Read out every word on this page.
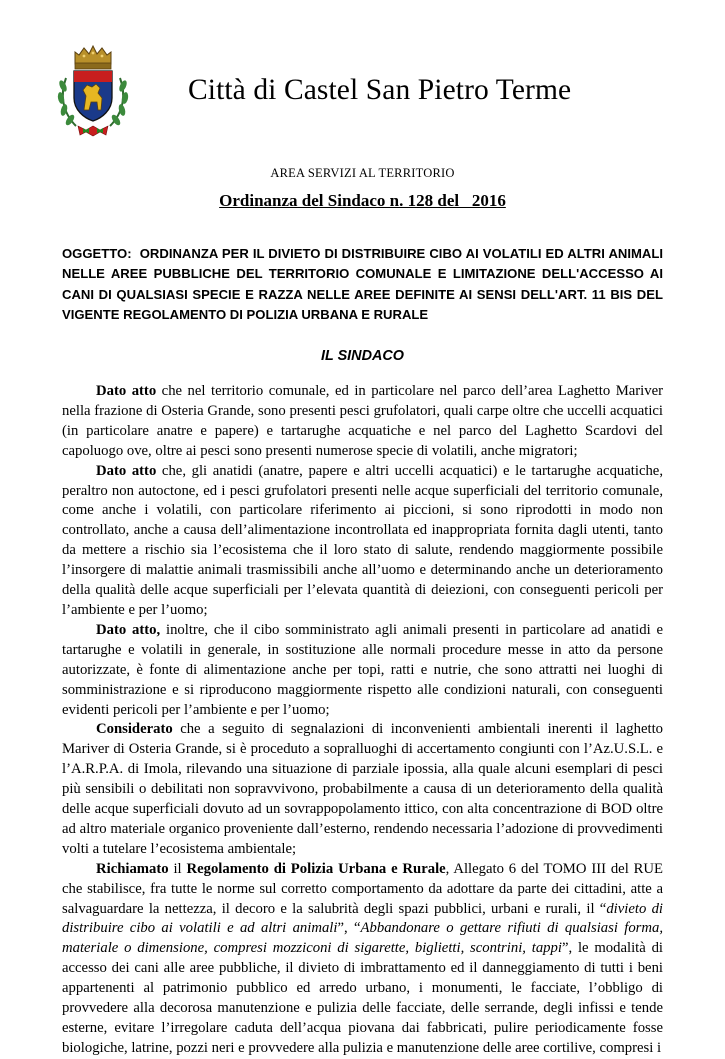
Città di Castel San Pietro Terme
AREA SERVIZI AL TERRITORIO
Ordinanza del Sindaco n. 128 del   2016
OGGETTO: ORDINANZA PER IL DIVIETO DI DISTRIBUIRE CIBO AI VOLATILI ED ALTRI ANIMALI NELLE AREE PUBBLICHE DEL TERRITORIO COMUNALE E LIMITAZIONE DELL'ACCESSO AI CANI DI QUALSIASI SPECIE E RAZZA NELLE AREE DEFINITE AI SENSI DELL'ART. 11 BIS DEL VIGENTE REGOLAMENTO DI POLIZIA URBANA E RURALE
IL SINDACO

Dato atto che nel territorio comunale, ed in particolare nel parco dell’area Laghetto Mariver nella frazione di Osteria Grande, sono presenti pesci grufolatori, quali carpe oltre che uccelli acquatici (in particolare anatre e papere) e tartarughe acquatiche e nel parco del Laghetto Scardovi del capoluogo ove, oltre ai pesci sono presenti numerose specie di volatili, anche migratori;

Dato atto che, gli anatidi (anatre, papere e altri uccelli acquatici) e le tartarughe acquatiche, peraltro non autoctone, ed i pesci grufolatori presenti nelle acque superficiali del territorio comunale, come anche i volatili, con particolare riferimento ai piccioni, si sono riprodotti in modo non controllato, anche a causa dell’alimentazione incontrollata ed inappropriata fornita dagli utenti, tanto da mettere a rischio sia l’ecosistema che il loro stato di salute, rendendo maggiormente possibile l’insorgere di malattie animali trasmissibili anche all’uomo e determinando anche un deterioramento della qualità delle acque superficiali per l’elevata quantità di deiezioni, con conseguenti pericoli per l’ambiente e per l’uomo;

Dato atto, inoltre, che il cibo somministrato agli animali presenti in particolare ad anatidi e tartarughe e volatili in generale, in sostituzione alle normali procedure messe in atto da persone autorizzate, è fonte di alimentazione anche per topi, ratti e nutrie, che sono attratti nei luoghi di somministrazione e si riproducono maggiormente rispetto alle condizioni naturali, con conseguenti evidenti pericoli per l’ambiente e per l’uomo;

Considerato che a seguito di segnalazioni di inconvenienti ambientali inerenti il laghetto Mariver di Osteria Grande, si è proceduto a sopralluoghi di accertamento congiunti con l’Az.U.S.L. e l’A.R.P.A. di Imola, rilevando una situazione di parziale ipossia, alla quale alcuni esemplari di pesci più sensibili o debilitati non sopravvivono, probabilmente a causa di un deterioramento della qualità delle acque superficiali dovuto ad un sovrappopolamento ittico, con alta concentrazione di BOD oltre ad altro materiale organico proveniente dall’esterno, rendendo necessaria l’adozione di provvedimenti volti a tutelare l’ecosistema ambientale;

Richiamato il Regolamento di Polizia Urbana e Rurale, Allegato 6 del TOMO III del RUE che stabilisce, fra tutte le norme sul corretto comportamento da adottare da parte dei cittadini, atte a salvaguardare la nettezza, il decoro e la salubrità degli spazi pubblici, urbani e rurali, il “divieto di distribuire cibo ai volatili e ad altri animali”, “Abbandonare o gettare rifiuti di qualsiasi forma, materiale o dimensione, compresi mozziconi di sigarette, biglietti, scontrini, tappi”, le modalità di accesso dei cani alle aree pubbliche, il divieto di imbrattamento ed il danneggiamento di tutti i beni appartenenti al patrimonio pubblico ed arredo urbano, i monumenti, le facciate, l’obbligo di provvedere alla decorosa manutenzione e pulizia delle facciate, delle serrande, degli infissi e tende esterne, evitare l’irregolare caduta dell’acqua piovana dai fabbricati, pulire periodicamente fosse biologiche, latrine, pozzi neri e provvedere alla pulizia e manutenzione delle aree cortilive, compresi i
